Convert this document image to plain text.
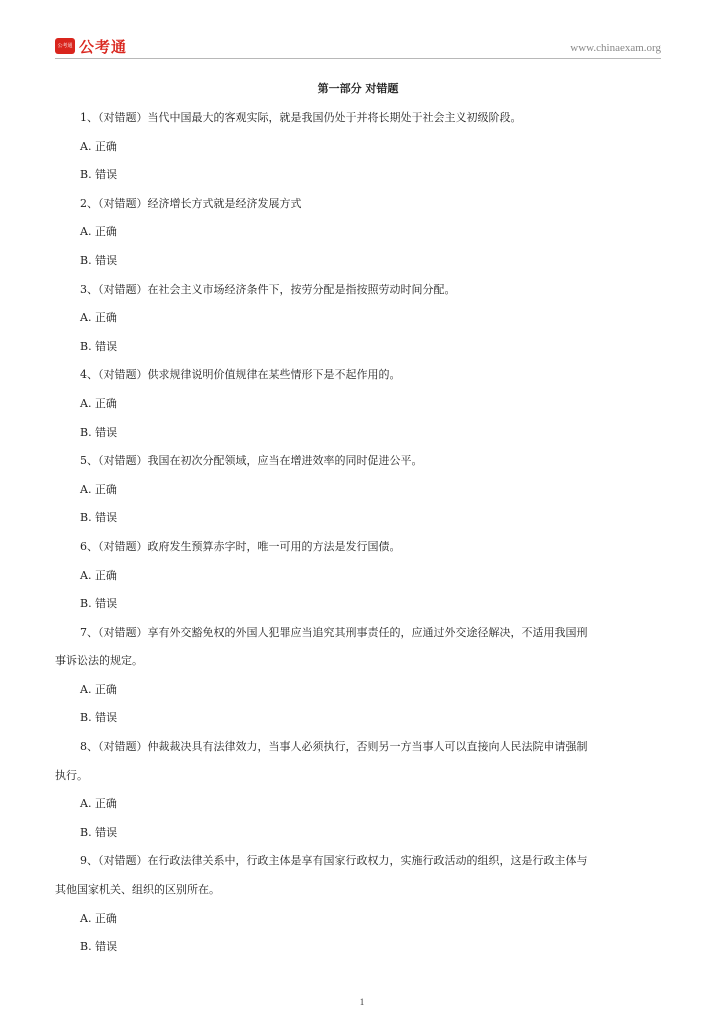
公考通 公考通	www.chinaexam.org
第一部分 对错题
1、（对错题）当代中国最大的客观实际，就是我国仍处于并将长期处于社会主义初级阶段。
A. 正确
B. 错误
2、（对错题）经济增长方式就是经济发展方式
A. 正确
B. 错误
3、（对错题）在社会主义市场经济条件下，按劳分配是指按照劳动时间分配。
A. 正确
B. 错误
4、（对错题）供求规律说明价值规律在某些情形下是不起作用的。
A. 正确
B. 错误
5、（对错题）我国在初次分配领域，应当在增进效率的同时促进公平。
A. 正确
B. 错误
6、（对错题）政府发生预算赤字时，唯一可用的方法是发行国债。
A. 正确
B. 错误
7、（对错题）享有外交豁免权的外国人犯罪应当追究其刑事责任的，应通过外交途径解决，不适用我国刑
事诉讼法的规定。
A. 正确
B. 错误
8、（对错题）仲裁裁决具有法律效力，当事人必须执行，否则另一方当事人可以直接向人民法院申请强制
执行。
A. 正确
B. 错误
9、（对错题）在行政法律关系中，行政主体是享有国家行政权力，实施行政活动的组织，这是行政主体与
其他国家机关、组织的区别所在。
A. 正确
B. 错误
1
